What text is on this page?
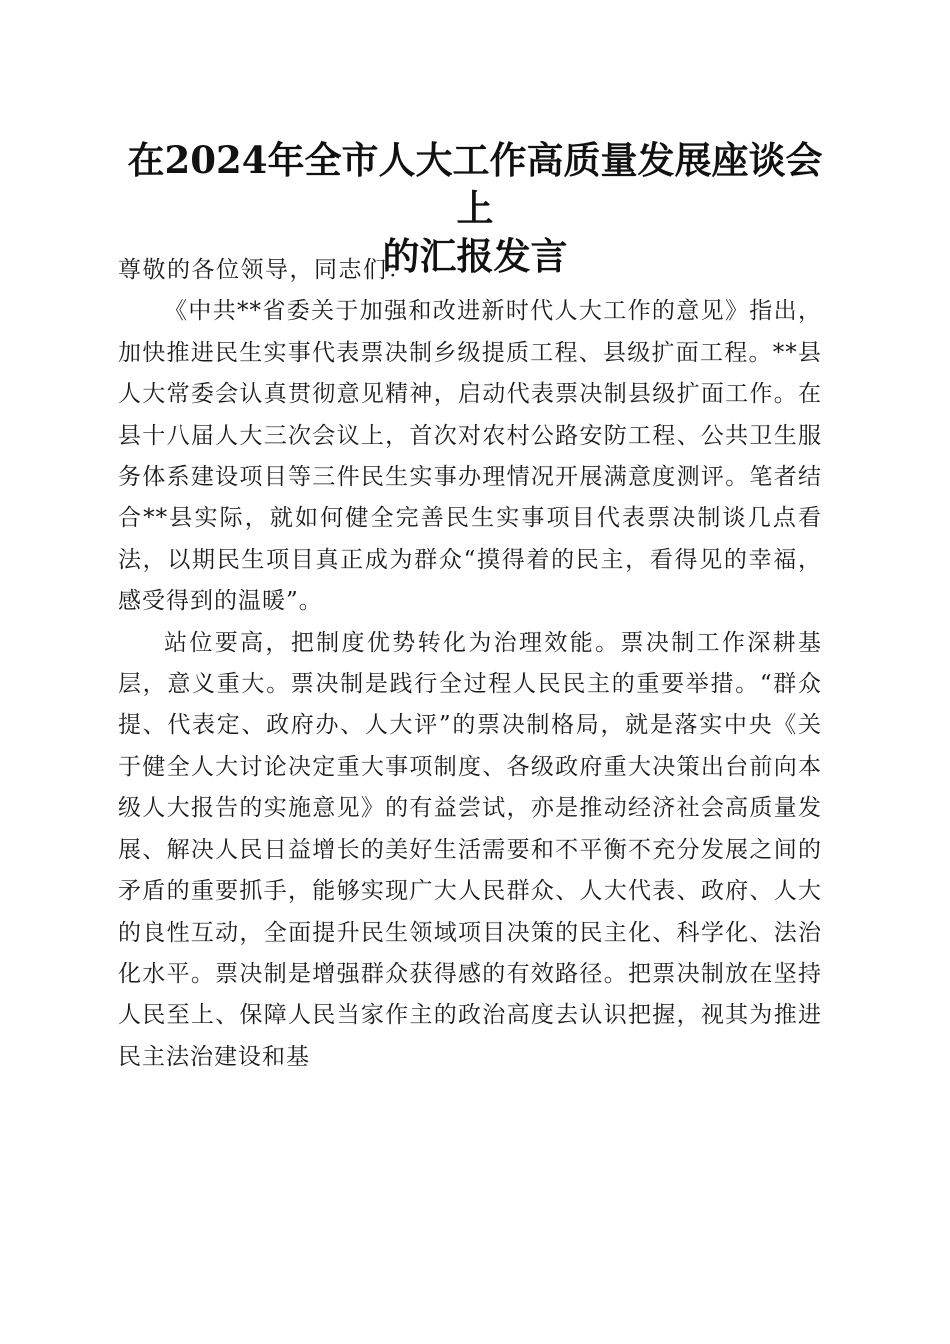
在2024年全市人大工作高质量发展座谈会上
的汇报发言

尊敬的各位领导，同志们：

《中共**省委关于加强和改进新时代人大工作的意见》指出，加快推进民生实事代表票决制乡级提质工程、县级扩面工程。**县人大常委会认真贯彻意见精神，启动代表票决制县级扩面工作。在县十八届人大三次会议上，首次对农村公路安防工程、公共卫生服务体系建设项目等三件民生实事办理情况开展满意度测评。笔者结合**县实际，就如何健全完善民生实事项目代表票决制谈几点看法，以期民生项目真正成为群众“摸得着的民主，看得见的幸福，感受得到的温暖”。

站位要高，把制度优势转化为治理效能。票决制工作深耕基层，意义重大。票决制是践行全过程人民民主的重要举措。“群众提、代表定、政府办、人大评”的票决制格局，就是落实中央《关于健全人大讨论决定重大事项制度、各级政府重大决策出台前向本级人大报告的实施意见》的有益尝试，亦是推动经济社会高质量发展、解决人民日益增长的美好生活需要和不平衡不充分发展之间的矛盾的重要抓手，能够实现广大人民群众、人大代表、政府、人大的良性互动，全面提升民生领域项目决策的民主化、科学化、法治化水平。票决制是增强群众获得感的有效路径。把票决制放在坚持人民至上、保障人民当家作主的政治高度去认识把握，视其为推进民主法治建设和基
